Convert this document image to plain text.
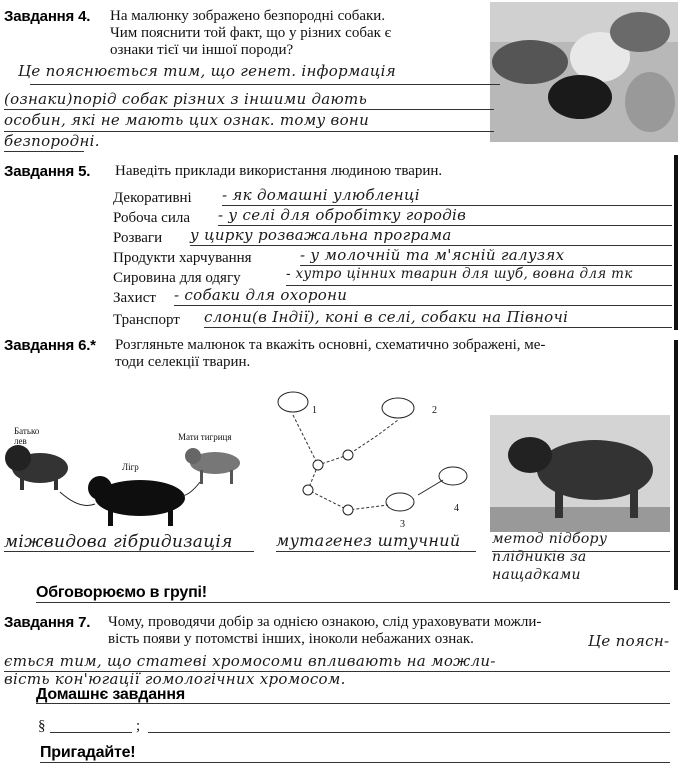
Завдання 4. На малюнку зображено безпородні собаки.
Чим пояснити той факт, що у різних собак є
ознаки тієї чи іншої породи?
Це пояснюється тим, що генет. інформація
(ознаки)порід собак різних з іншими дають
особин, які не мають цих ознак. тому вони
безпородні.
Завдання 5. Наведіть приклади використання людиною тварин.
Декоративні - як домашні улюбленці
Робоча сила - у селі для обробітку городів
Розваги у цирку розважальна програма
Продукти харчування	- у молочній та м'ясній галузях
Сировина для одягу	- хутро цінних тварин для шуб, вовна для тк
Захист - собаки для охорони
Транспорт слони(в Індії), коні в селі, собаки на Півночі
Завдання 6.* Розгляньте малюнок та вкажіть основні, схематично зображені, ме-
тоди селекції тварин.
Батько лев	Мати тигриця
Лігр
1	2
3
4
міжвидова гібридизація	мутагенез штучний	метод підбору плідників за нащадками
Обговорюємо в групі!
Завдання 7. Чому, проводячи добір за однією ознакою, слід ураховувати можли-
вість появи у потомстві інших, іноколи небажаних ознак.	Це поясн-
ється тим, що статеві хромосоми впливають на можли-
вість кон'югації гомологічних хромосом.
Домашнє завдання
§	;
Пригадайте!
